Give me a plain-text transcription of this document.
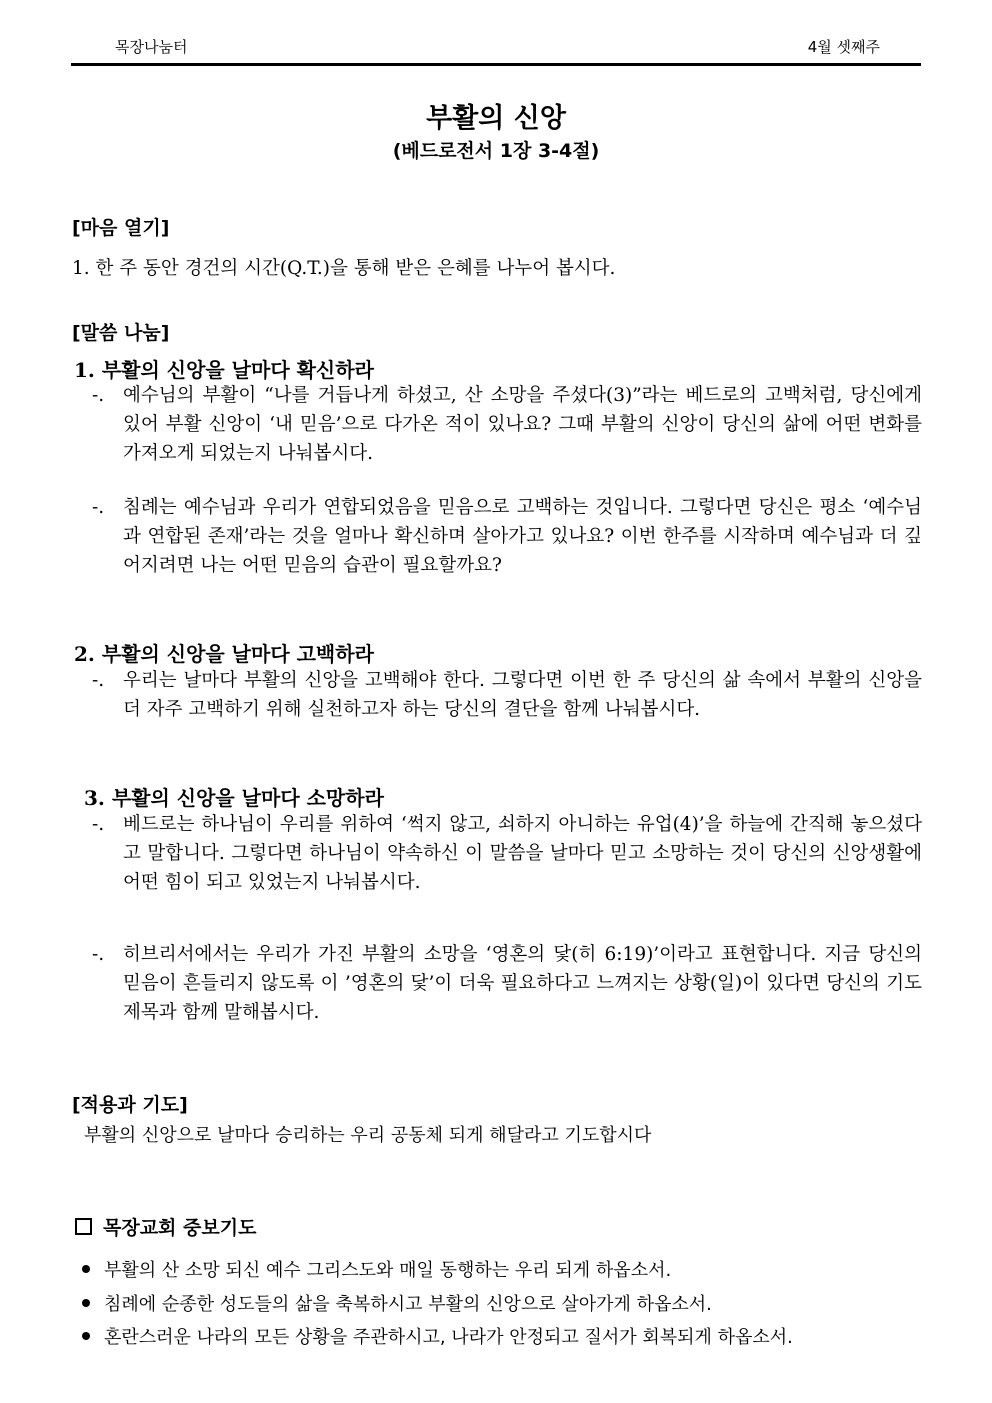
목장나눔터	4월 셋째주
부활의 신앙
(베드로전서 1장 3-4절)
[마음 열기]
1. 한 주 동안 경건의 시간(Q.T.)을 통해 받은 은혜를 나누어 봅시다.
[말씀 나눔]
1. 부활의 신앙을 날마다 확신하라
-. 예수님의 부활이 “나를 거듭나게 하셨고, 산 소망을 주셨다(3)”라는 베드로의 고백처럼, 당신에게 있어 부활 신앙이 ‘내 믿음’으로 다가온 적이 있나요? 그때 부활의 신앙이 당신의 삶에 어떤 변화를 가져오게 되었는지 나눠봅시다.
-. 침례는 예수님과 우리가 연합되었음을 믿음으로 고백하는 것입니다. 그렇다면 당신은 평소 ‘예수님과 연합된 존재’라는 것을 얼마나 확신하며 살아가고 있나요? 이번 한주를 시작하며 예수님과 더 깊어지려면 나는 어떤 믿음의 습관이 필요할까요?
2. 부활의 신앙을 날마다 고백하라
-. 우리는 날마다 부활의 신앙을 고백해야 한다. 그렇다면 이번 한 주 당신의 삶 속에서 부활의 신앙을 더 자주 고백하기 위해 실천하고자 하는 당신의 결단을 함께 나눠봅시다.
3. 부활의 신앙을 날마다 소망하라
-. 베드로는 하나님이 우리를 위하여 ‘썩지 않고, 쇠하지 아니하는 유업(4)’을 하늘에 간직해 놓으셨다고 말합니다. 그렇다면 하나님이 약속하신 이 말씀을 날마다 믿고 소망하는 것이 당신의 신앙생활에 어떤 힘이 되고 있었는지 나눠봅시다.
-. 히브리서에서는 우리가 가진 부활의 소망을 ‘영혼의 닻(히 6:19)’이라고 표현합니다. 지금 당신의 믿음이 흔들리지 않도록 이 ’영혼의 닻’이 더욱 필요하다고 느껴지는 상황(일)이 있다면 당신의 기도제목과 함께 말해봅시다.
[적용과 기도]
부활의 신앙으로 날마다 승리하는 우리 공동체 되게 해달라고 기도합시다
목장교회 중보기도
부활의 산 소망 되신 예수 그리스도와 매일 동행하는 우리 되게 하옵소서.
침례에 순종한 성도들의 삶을 축복하시고 부활의 신앙으로 살아가게 하옵소서.
혼란스러운 나라의 모든 상황을 주관하시고, 나라가 안정되고 질서가 회복되게 하옵소서.
